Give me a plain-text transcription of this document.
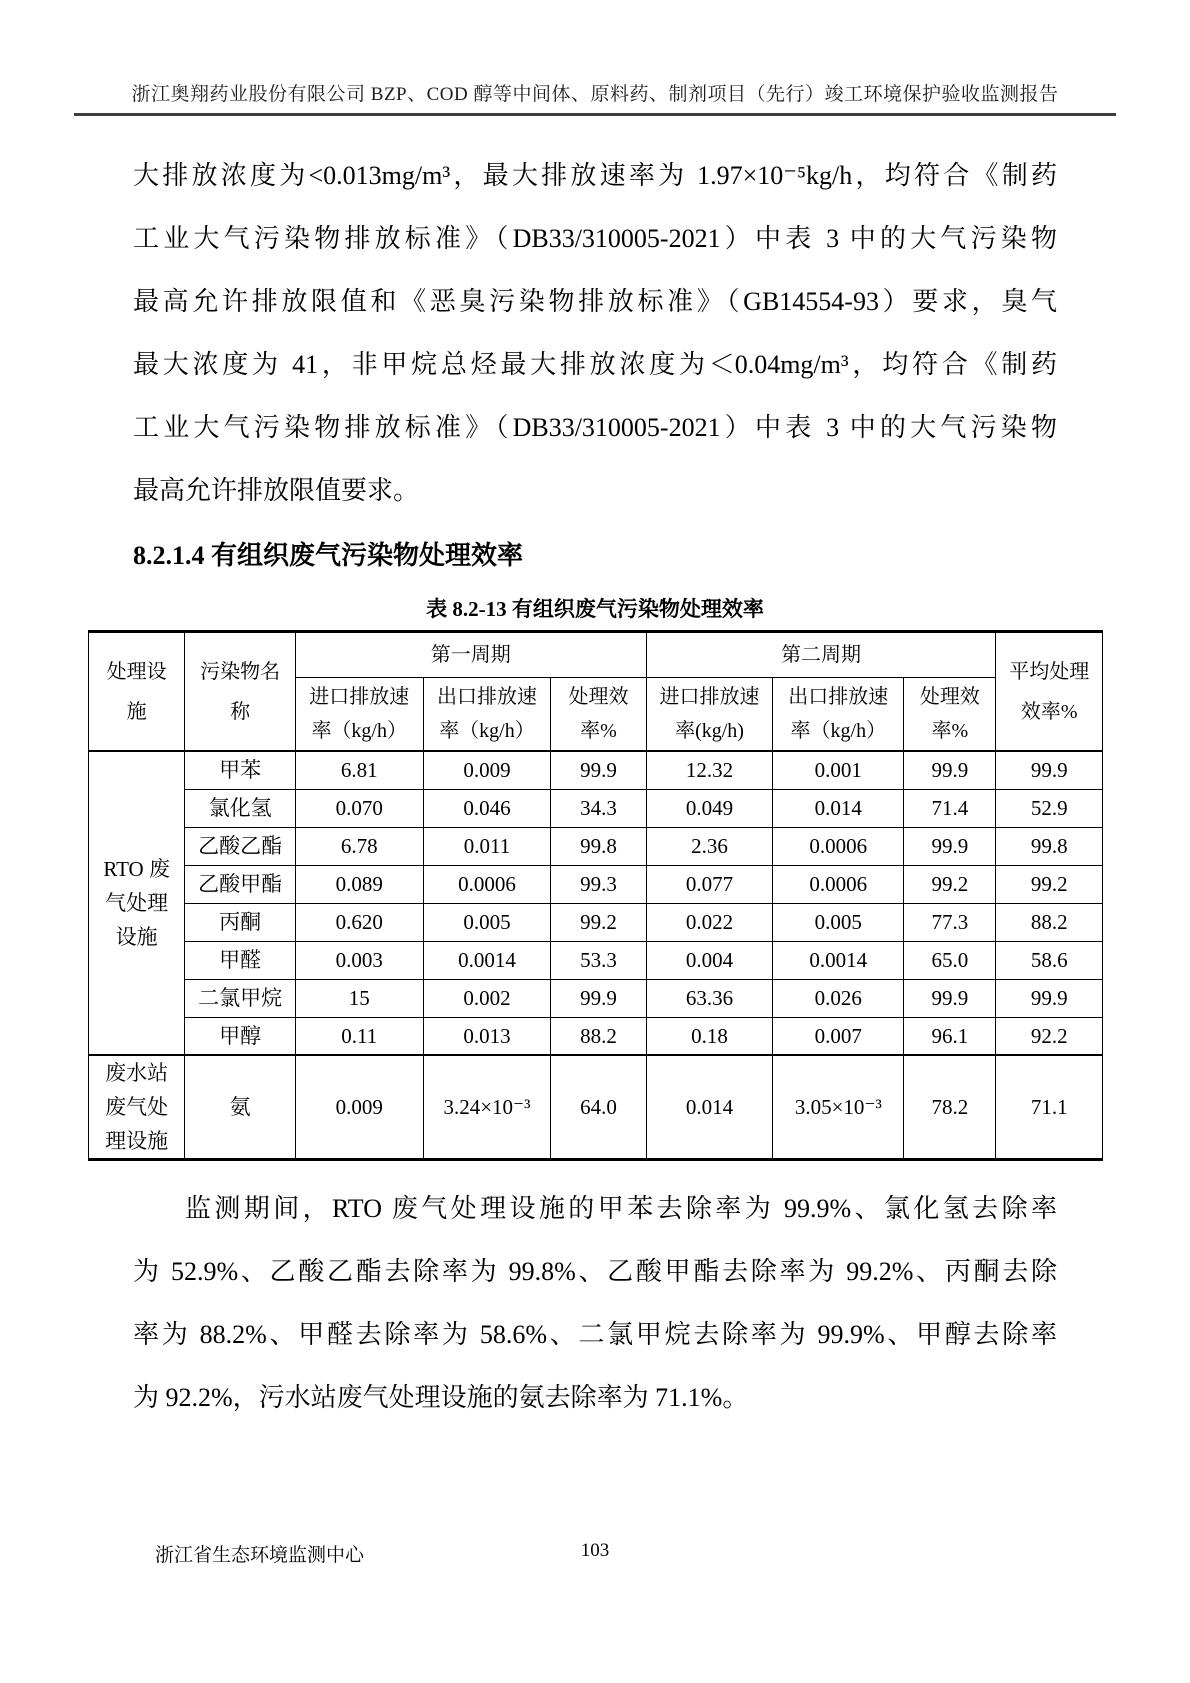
浙江奥翔药业股份有限公司 BZP、COD 醇等中间体、原料药、制剂项目（先行）竣工环境保护验收监测报告
大排放浓度为<0.013mg/m³，最大排放速率为 1.97×10⁻⁵kg/h，均符合《制药
工业大气污染物排放标准》（DB33/310005-2021）中表 3 中的大气污染物
最高允许排放限值和《恶臭污染物排放标准》（GB14554-93）要求，臭气
最大浓度为 41，非甲烷总烃最大排放浓度为＜0.04mg/m³，均符合《制药
工业大气污染物排放标准》（DB33/310005-2021）中表 3 中的大气污染物
最高允许排放限值要求。
8.2.1.4 有组织废气污染物处理效率
表 8.2-13 有组织废气污染物处理效率
处理设施	污染物名称	第一周期			第二周期			平均处理效率%
		进口排放速率（kg/h）	出口排放速率（kg/h）	处理效率%	进口排放速率(kg/h)	出口排放速率（kg/h）	处理效率%	
RTO 废气处理设施	甲苯	6.81	0.009	99.9	12.32	0.001	99.9	99.9
	氯化氢	0.070	0.046	34.3	0.049	0.014	71.4	52.9
	乙酸乙酯	6.78	0.011	99.8	2.36	0.0006	99.9	99.8
	乙酸甲酯	0.089	0.0006	99.3	0.077	0.0006	99.2	99.2
	丙酮	0.620	0.005	99.2	0.022	0.005	77.3	88.2
	甲醛	0.003	0.0014	53.3	0.004	0.0014	65.0	58.6
	二氯甲烷	15	0.002	99.9	63.36	0.026	99.9	99.9
	甲醇	0.11	0.013	88.2	0.18	0.007	96.1	92.2
废水站废气处理设施	氨	0.009	3.24×10⁻³	64.0	0.014	3.05×10⁻³	78.2	71.1
监测期间，RTO 废气处理设施的甲苯去除率为 99.9%、氯化氢去除率
为 52.9%、乙酸乙酯去除率为 99.8%、乙酸甲酯去除率为 99.2%、丙酮去除
率为 88.2%、甲醛去除率为 58.6%、二氯甲烷去除率为 99.9%、甲醇去除率
为 92.2%，污水站废气处理设施的氨去除率为 71.1%。
103
浙江省生态环境监测中心
